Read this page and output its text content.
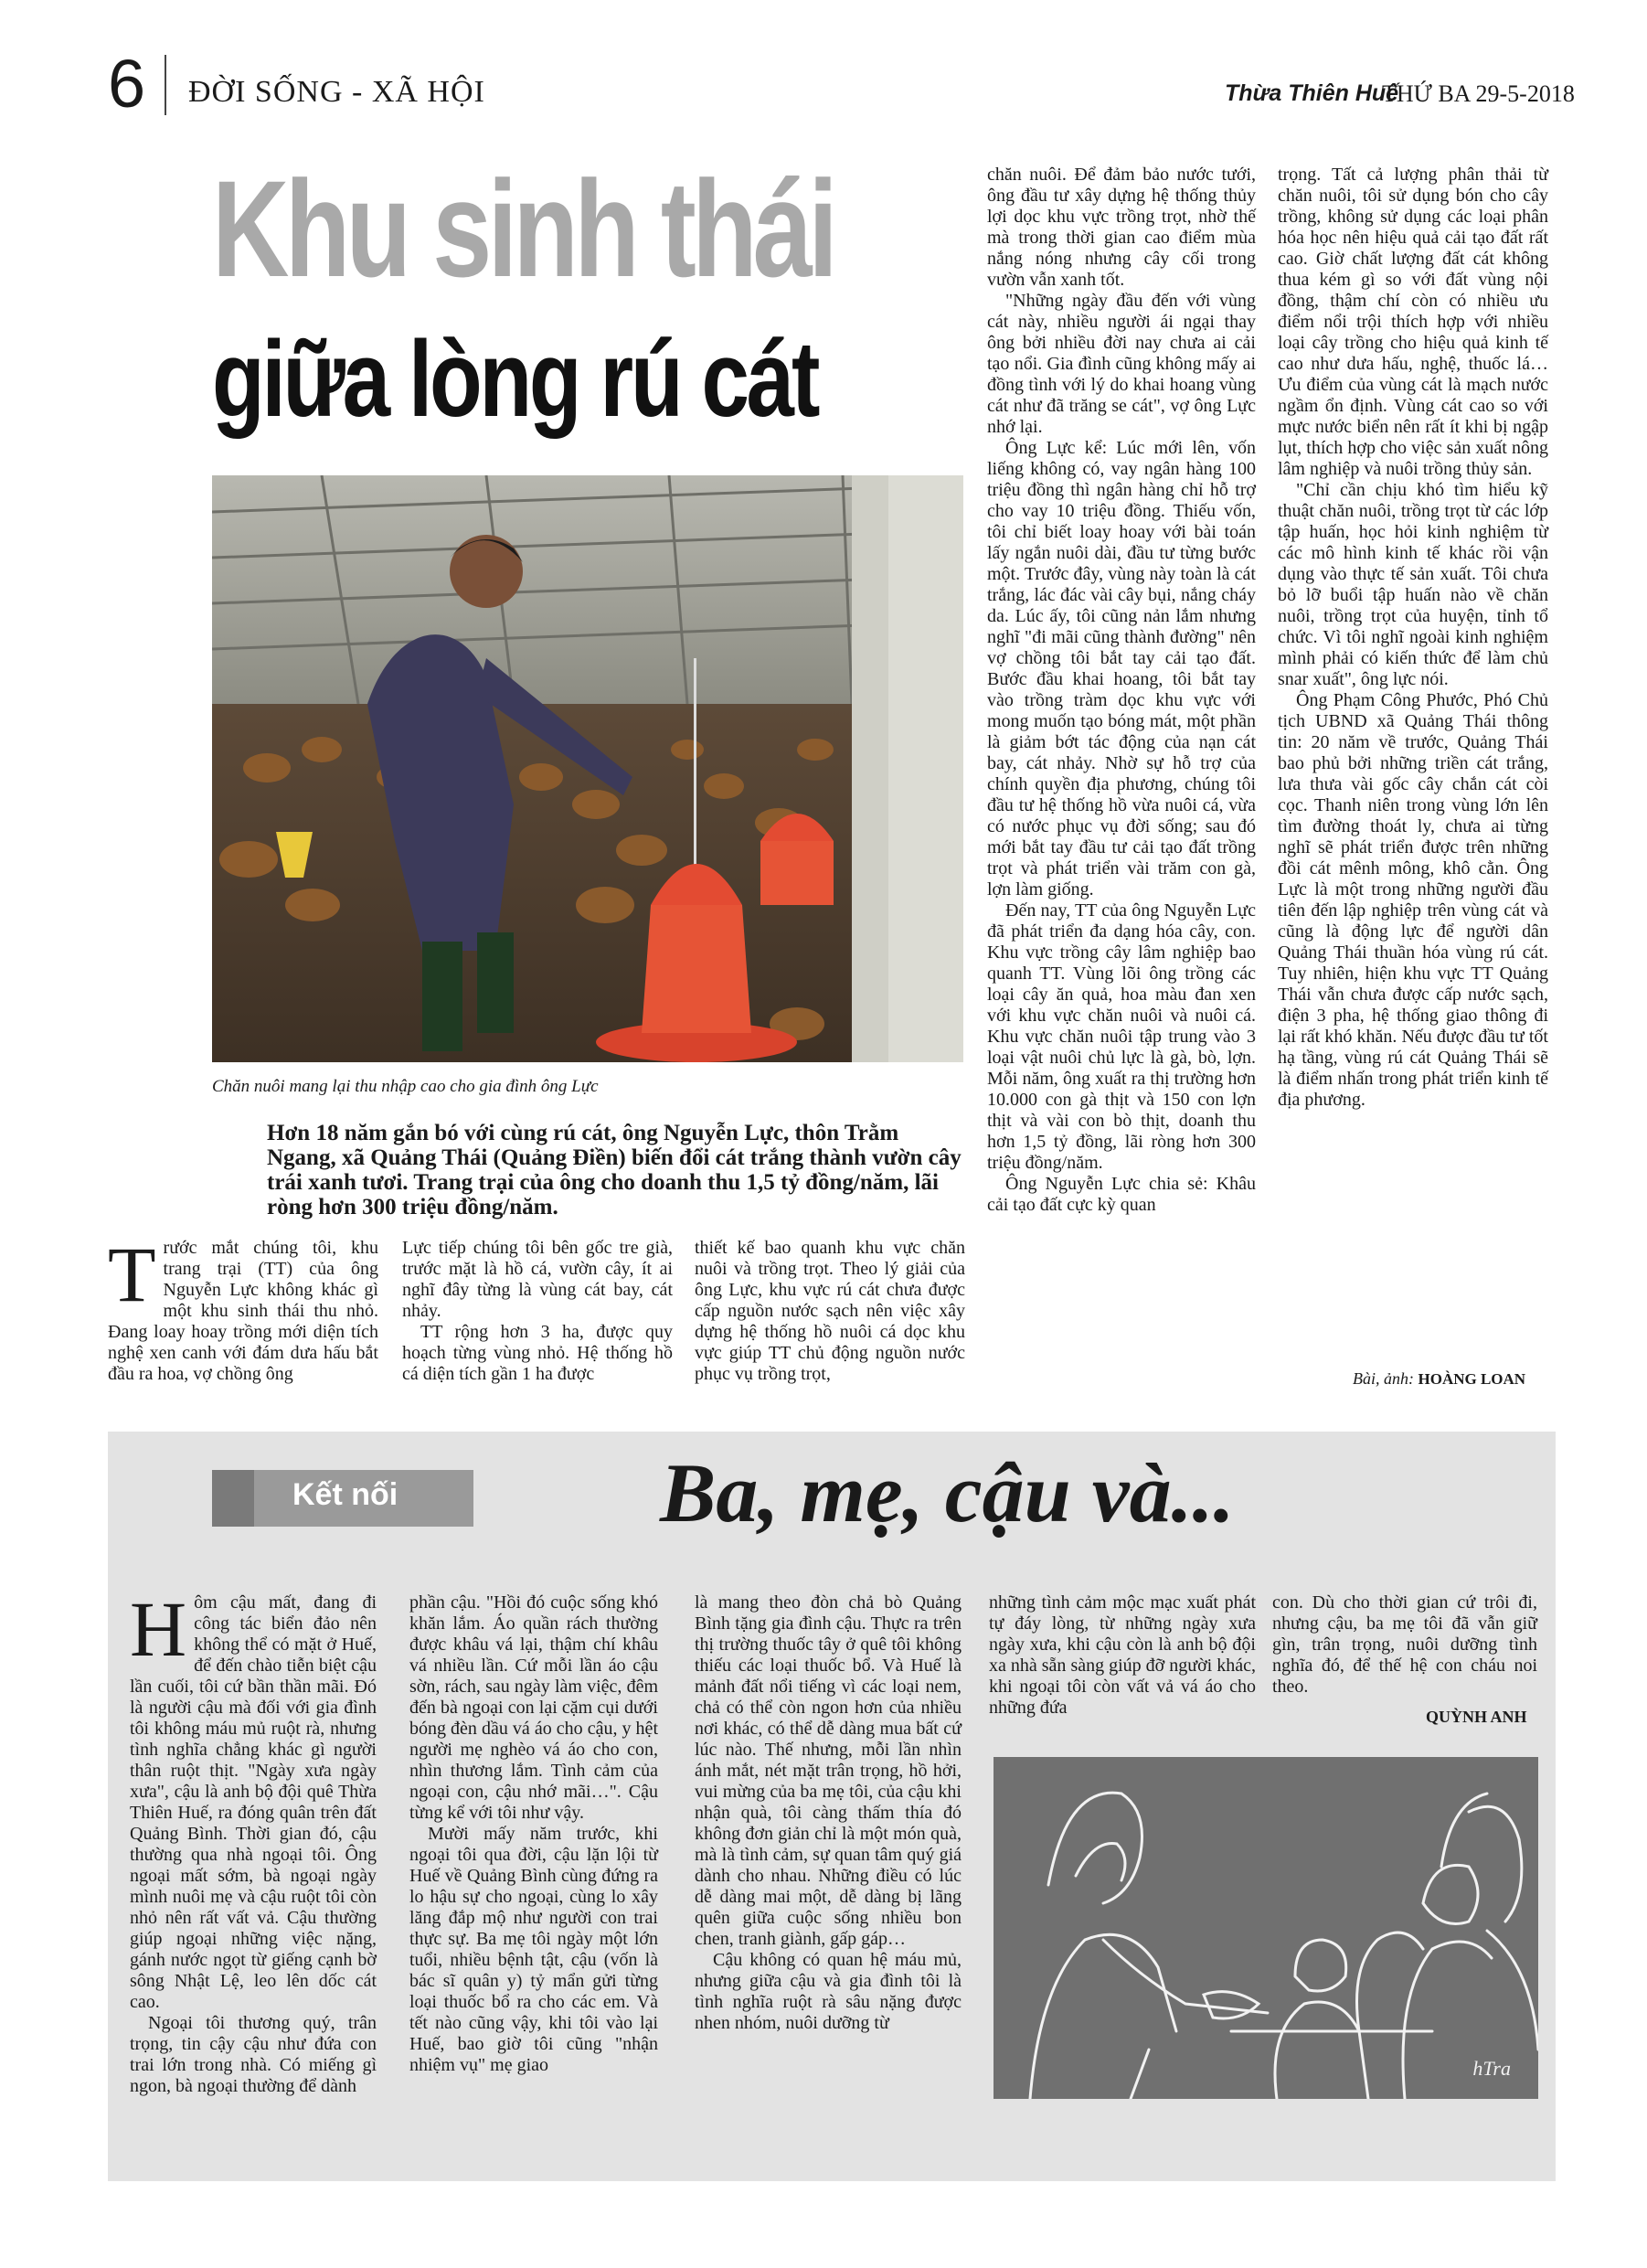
6 ĐỜI SỐNG - XÃ HỘI	Thừa Thiên Huế
THỨ BA 29-5-2018
Khu sinh thái
giữa lòng rú cát
Chăn nuôi mang lại thu nhập cao cho gia đình ông Lực
Hơn 18 năm gắn bó với cùng rú cát, ông Nguyễn Lực, thôn Trằm Ngang, xã Quảng Thái (Quảng Điền) biến đổi cát trắng thành vườn cây trái xanh tươi. Trang trại của ông cho doanh thu 1,5 tỷ đồng/năm, lãi ròng hơn 300 triệu đồng/năm.
Trước mắt chúng tôi, khu trang trại (TT) của ông Nguyễn Lực không khác gì một khu sinh thái thu nhỏ. Đang loay hoay trồng mới diện tích nghệ xen canh với đám dưa hấu bắt đầu ra hoa, vợ chồng ông

Lực tiếp chúng tôi bên gốc tre già, trước mặt là hồ cá, vườn cây, ít ai nghĩ đây từng là vùng cát bay, cát nhảy.

TT rộng hơn 3 ha, được quy hoạch từng vùng nhỏ. Hệ thống hồ cá diện tích gần 1 ha được

thiết kế bao quanh khu vực chăn nuôi và trồng trọt. Theo lý giải của ông Lực, khu vực rú cát chưa được cấp nguồn nước sạch nên việc xây dựng hệ thống hồ nuôi cá dọc khu vực giúp TT chủ động nguồn nước phục vụ trồng trọt,

chăn nuôi. Để đảm bảo nước tưới, ông đầu tư xây dựng hệ thống thủy lợi dọc khu vực trồng trọt, nhờ thế mà trong thời gian cao điểm mùa nắng nóng nhưng cây cối trong vườn vẫn xanh tốt.

"Những ngày đầu đến với vùng cát này, nhiều người ái ngại thay ông bởi nhiều đời nay chưa ai cải tạo nổi. Gia đình cũng không mấy ai đồng tình với lý do khai hoang vùng cát như đã trăng se cát", vợ ông Lực nhớ lại.

Ông Lực kể: Lúc mới lên, vốn liếng không có, vay ngân hàng 100 triệu đồng thì ngân hàng chỉ hỗ trợ cho vay 10 triệu đồng. Thiếu vốn, tôi chỉ biết loay hoay với bài toán lấy ngắn nuôi dài, đầu tư từng bước một. Trước đây, vùng này toàn là cát trắng, lác đác vài cây bụi, nắng cháy da. Lúc ấy, tôi cũng nản lắm nhưng nghĩ "đi mãi cũng thành đường" nên vợ chồng tôi bắt tay cải tạo đất. Bước đầu khai hoang, tôi bắt tay vào trồng tràm dọc khu vực với mong muốn tạo bóng mát, một phần là giảm bớt tác động của nạn cát bay, cát nhảy. Nhờ sự hỗ trợ của chính quyền địa phương, chúng tôi đầu tư hệ thống hồ vừa nuôi cá, vừa có nước phục vụ đời sống; sau đó mới bắt tay đầu tư cải tạo đất trồng trọt và phát triển vài trăm con gà, lợn làm giống.

Đến nay, TT của ông Nguyễn Lực đã phát triển đa dạng hóa cây, con. Khu vực trồng cây lâm nghiệp bao quanh TT. Vùng lõi ông trồng các loại cây ăn quả, hoa màu đan xen với khu vực chăn nuôi và nuôi cá. Khu vực chăn nuôi tập trung vào 3 loại vật nuôi chủ lực là gà, bò, lợn. Mỗi năm, ông xuất ra thị trường hơn 10.000 con gà thịt và 150 con lợn thịt và vài con bò thịt, doanh thu hơn 1,5 tỷ đồng, lãi ròng hơn 300 triệu đồng/năm.

Ông Nguyễn Lực chia sẻ: Khâu cải tạo đất cực kỳ quan

trọng. Tất cả lượng phân thải từ chăn nuôi, tôi sử dụng bón cho cây trồng, không sử dụng các loại phân hóa học nên hiệu quả cải tạo đất rất cao. Giờ chất lượng đất cát không thua kém gì so với đất vùng nội đồng, thậm chí còn có nhiều ưu điểm nổi trội thích hợp với nhiều loại cây trồng cho hiệu quả kinh tế cao như dưa hấu, nghệ, thuốc lá… Ưu điểm của vùng cát là mạch nước ngầm ổn định. Vùng cát cao so với mực nước biển nên rất ít khi bị ngập lụt, thích hợp cho việc sản xuất nông lâm nghiệp và nuôi trồng thủy sản.

"Chỉ cần chịu khó tìm hiểu kỹ thuật chăn nuôi, trồng trọt từ các lớp tập huấn, học hỏi kinh nghiệm từ các mô hình kinh tế khác rồi vận dụng vào thực tế sản xuất. Tôi chưa bỏ lỡ buổi tập huấn nào về chăn nuôi, trồng trọt của huyện, tỉnh tổ chức. Vì tôi nghĩ ngoài kinh nghiệm mình phải có kiến thức để làm chủ snar xuất", ông lực nói.

Ông Phạm Công Phước, Phó Chủ tịch UBND xã Quảng Thái thông tin: 20 năm về trước, Quảng Thái bao phủ bởi những triền cát trắng, lưa thưa vài gốc cây chắn cát còi cọc. Thanh niên trong vùng lớn lên tìm đường thoát ly, chưa ai từng nghĩ sẽ phát triển được trên những đồi cát mênh mông, khô cằn. Ông Lực là một trong những người đầu tiên đến lập nghiệp trên vùng cát và cũng là động lực để người dân Quảng Thái thuần hóa vùng rú cát. Tuy nhiên, hiện khu vực TT Quảng Thái vẫn chưa được cấp nước sạch, điện 3 pha, hệ thống giao thông đi lại rất khó khăn. Nếu được đầu tư tốt hạ tầng, vùng rú cát Quảng Thái sẽ là điểm nhấn trong phát triển kinh tế địa phương.

Bài, ảnh: HOÀNG LOAN
Kết nối	Ba, mẹ, cậu và...
Hôm cậu mất, đang đi công tác biển đảo nên không thể có mặt ở Huế, để đến chào tiễn biệt cậu lần cuối, tôi cứ bần thần mãi. Đó là người cậu mà đối với gia đình tôi không máu mủ ruột rà, nhưng tình nghĩa chẳng khác gì người thân ruột thịt. "Ngày xưa ngày xưa", cậu là anh bộ đội quê Thừa Thiên Huế, ra đóng quân trên đất Quảng Bình. Thời gian đó, cậu thường qua nhà ngoại tôi. Ông ngoại mất sớm, bà ngoại ngày mình nuôi mẹ và cậu ruột tôi còn nhỏ nên rất vất vả. Cậu thường giúp ngoại những việc nặng, gánh nước ngọt từ giếng cạnh bờ sông Nhật Lệ, leo lên dốc cát cao.

Ngoại tôi thương quý, trân trọng, tin cậy cậu như đứa con trai lớn trong nhà. Có miếng gì ngon, bà ngoại thường để dành

phần cậu. "Hồi đó cuộc sống khó khăn lắm. Áo quần rách thường được khâu vá lại, thậm chí khâu vá nhiều lần. Cứ mỗi lần áo cậu sờn, rách, sau ngày làm việc, đêm đến bà ngoại con lại cặm cụi dưới bóng đèn dầu vá áo cho cậu, y hệt người mẹ nghèo vá áo cho con, nhìn thương lắm. Tình cảm của ngoại con, cậu nhớ mãi…". Cậu từng kể với tôi như vậy.

Mười mấy năm trước, khi ngoại tôi qua đời, cậu lặn lội từ Huế về Quảng Bình cùng đứng ra lo hậu sự cho ngoại, cùng lo xây lăng đắp mộ như người con trai thực sự. Ba mẹ tôi ngày một lớn tuổi, nhiều bệnh tật, cậu (vốn là bác sĩ quân y) tỷ mẩn gửi từng loại thuốc bổ ra cho các em. Và tết nào cũng vậy, khi tôi vào lại Huế, bao giờ tôi cũng "nhận nhiệm vụ" mẹ giao

là mang theo đòn chả bò Quảng Bình tặng gia đình cậu. Thực ra trên thị trường thuốc tây ở quê tôi không thiếu các loại thuốc bổ. Và Huế là mảnh đất nổi tiếng vì các loại nem, chả có thể còn ngon hơn của nhiều nơi khác, có thể dễ dàng mua bất cứ lúc nào. Thế nhưng, mỗi lần nhìn ánh mắt, nét mặt trân trọng, hồ hởi, vui mừng của ba mẹ tôi, của cậu khi nhận quà, tôi càng thấm thía đó không đơn giản chỉ là một món quà, mà là tình cảm, sự quan tâm quý giá dành cho nhau. Những điều có lúc dễ dàng mai một, dễ dàng bị lãng quên giữa cuộc sống nhiều bon chen, tranh giành, gấp gáp…

Cậu không có quan hệ máu mủ, nhưng giữa cậu và gia đình tôi là tình nghĩa ruột rà sâu nặng được nhen nhóm, nuôi dưỡng từ

những tình cảm mộc mạc xuất phát tự đáy lòng, từ những ngày xưa ngày xưa, khi cậu còn là anh bộ đội xa nhà sẵn sàng giúp đỡ người khác, khi ngoại tôi còn vất vả vá áo cho những đứa

con. Dù cho thời gian cứ trôi đi, nhưng cậu, ba mẹ tôi đã vẫn giữ gìn, trân trọng, nuôi dưỡng tình nghĩa đó, để thế hệ con cháu noi theo.

QUỲNH ANH
hTra
